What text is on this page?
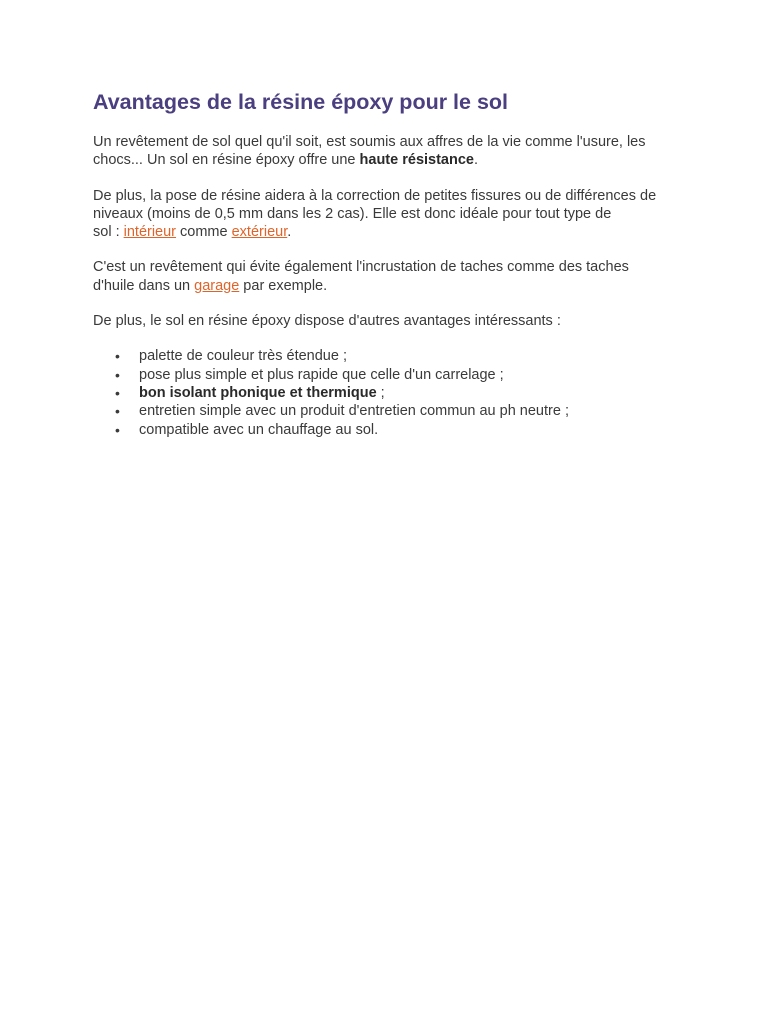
Avantages de la résine époxy pour le sol

Un revêtement de sol quel qu'il soit, est soumis aux affres de la vie comme l'usure, les
chocs... Un sol en résine époxy offre une haute résistance.

De plus, la pose de résine aidera à la correction de petites fissures ou de différences de
niveaux (moins de 0,5 mm dans les 2 cas). Elle est donc idéale pour tout type de
sol : intérieur comme extérieur.

C'est un revêtement qui évite également l'incrustation de taches comme des taches
d'huile dans un garage par exemple.

De plus, le sol en résine époxy dispose d'autres avantages intéressants :

• palette de couleur très étendue ;
• pose plus simple et plus rapide que celle d'un carrelage ;
• bon isolant phonique et thermique ;
• entretien simple avec un produit d'entretien commun au ph neutre ;
• compatible avec un chauffage au sol.
